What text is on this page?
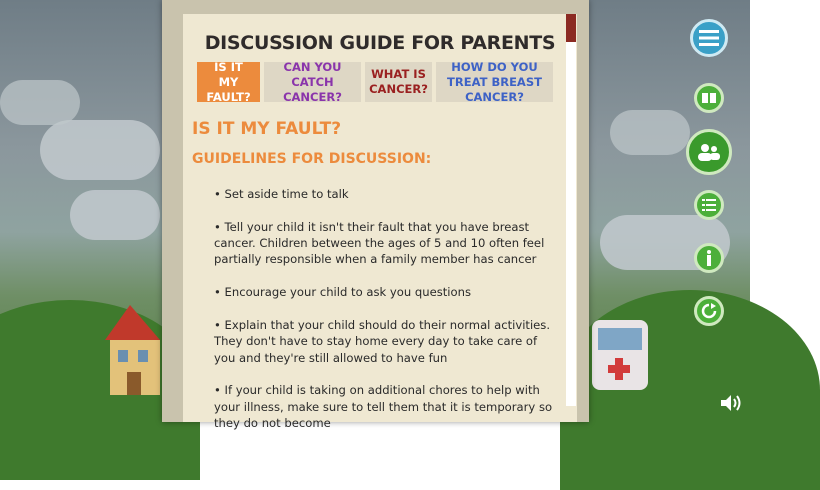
DISCUSSION GUIDE FOR PARENTS
IS IT MY FAULT?
CAN YOU CATCH CANCER?
WHAT IS CANCER?
HOW DO YOU TREAT BREAST CANCER?
IS IT MY FAULT?
GUIDELINES FOR DISCUSSION:

• Set aside time to talk

• Tell your child it isn't their fault that you have breast cancer. Children between the ages of 5 and 10 often feel partially responsible when a family member has cancer

• Encourage your child to ask you questions

• Explain that your child should do their normal activities. They don't have to stay home every day to take care of you and they're still allowed to have fun

• If your child is taking on additional chores to help with your illness, make sure to tell them that it is temporary so they do not become
